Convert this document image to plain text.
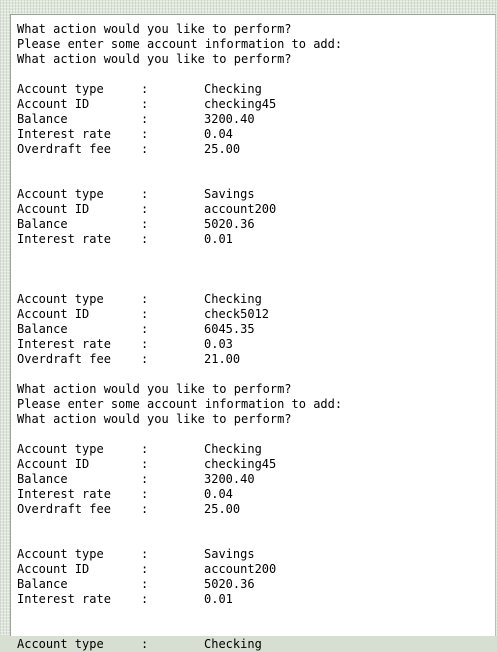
What action would you like to perform?
Please enter some account information to add:
What action would you like to perform?
Account type	:	Checking
Account ID	:	checking45
Balance	:	3200.40
Interest rate	:	0.04
Overdraft fee	:	25.00
Account type	:	Savings
Account ID	:	account200
Balance	:	5020.36
Interest rate	:	0.01
Account type	:	Checking
Account ID	:	check5012
Balance	:	6045.35
Interest rate	:	0.03
Overdraft fee	:	21.00
What action would you like to perform?
Please enter some account information to add:
What action would you like to perform?
Account type	:	Checking
Account ID	:	checking45
Balance	:	3200.40
Interest rate	:	0.04
Overdraft fee	:	25.00
Account type	:	Savings
Account ID	:	account200
Balance	:	5020.36
Interest rate	:	0.01
Account type	:	Checking
